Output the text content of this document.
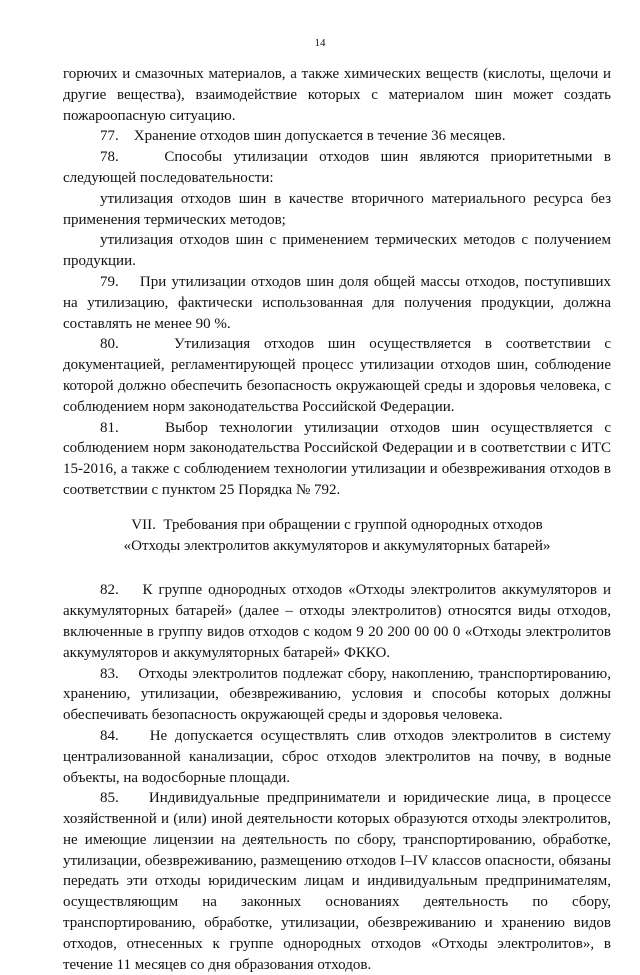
14

горючих и смазочных материалов, а также химических веществ (кислоты, щелочи и другие вещества), взаимодействие которых с материалом шин может создать пожароопасную ситуацию.

77.    Хранение отходов шин допускается в течение 36 месяцев.

78.    Способы утилизации отходов шин являются приоритетными в следующей последовательности:

утилизация отходов шин в качестве вторичного материального ресурса без применения термических методов;

утилизация отходов шин с применением термических методов с получением продукции.

79.    При утилизации отходов шин доля общей массы отходов, поступивших на утилизацию, фактически использованная для получения продукции, должна составлять не менее 90 %.

80.    Утилизация отходов шин осуществляется в соответствии с документацией, регламентирующей процесс утилизации отходов шин, соблюдение которой должно обеспечить безопасность окружающей среды и здоровья человека, с соблюдением норм законодательства Российской Федерации.

81.    Выбор технологии утилизации отходов шин осуществляется с соблюдением норм законодательства Российской Федерации и в соответствии с ИТС 15-2016, а также с соблюдением технологии утилизации и обезвреживания отходов в соответствии с пунктом 25 Порядка № 792.

VII.  Требования при обращении с группой однородных отходов
«Отходы электролитов аккумуляторов и аккумуляторных батарей»

82.    К группе однородных отходов «Отходы электролитов аккумуляторов и аккумуляторных батарей» (далее – отходы электролитов) относятся виды отходов, включенные в группу видов отходов с кодом 9 20 200 00 00 0 «Отходы электролитов аккумуляторов и аккумуляторных батарей» ФККО.

83.    Отходы электролитов подлежат сбору, накоплению, транспортированию, хранению, утилизации, обезвреживанию, условия и способы которых должны обеспечивать безопасность окружающей среды и здоровья человека.

84.    Не допускается осуществлять слив отходов электролитов в систему централизованной канализации, сброс отходов электролитов на почву, в водные объекты, на водосборные площади.

85.    Индивидуальные предприниматели и юридические лица, в процессе хозяйственной и (или) иной деятельности которых образуются отходы электролитов, не имеющие лицензии на деятельность по сбору, транспортированию, обработке, утилизации, обезвреживанию, размещению отходов I–IV классов опасности, обязаны передать эти отходы юридическим лицам и индивидуальным предпринимателям, осуществляющим на законных основаниях деятельность по сбору, транспортированию, обработке, утилизации, обезвреживанию и хранению видов отходов, отнесенных к группе однородных отходов «Отходы электролитов», в течение 11 месяцев со дня образования отходов.
